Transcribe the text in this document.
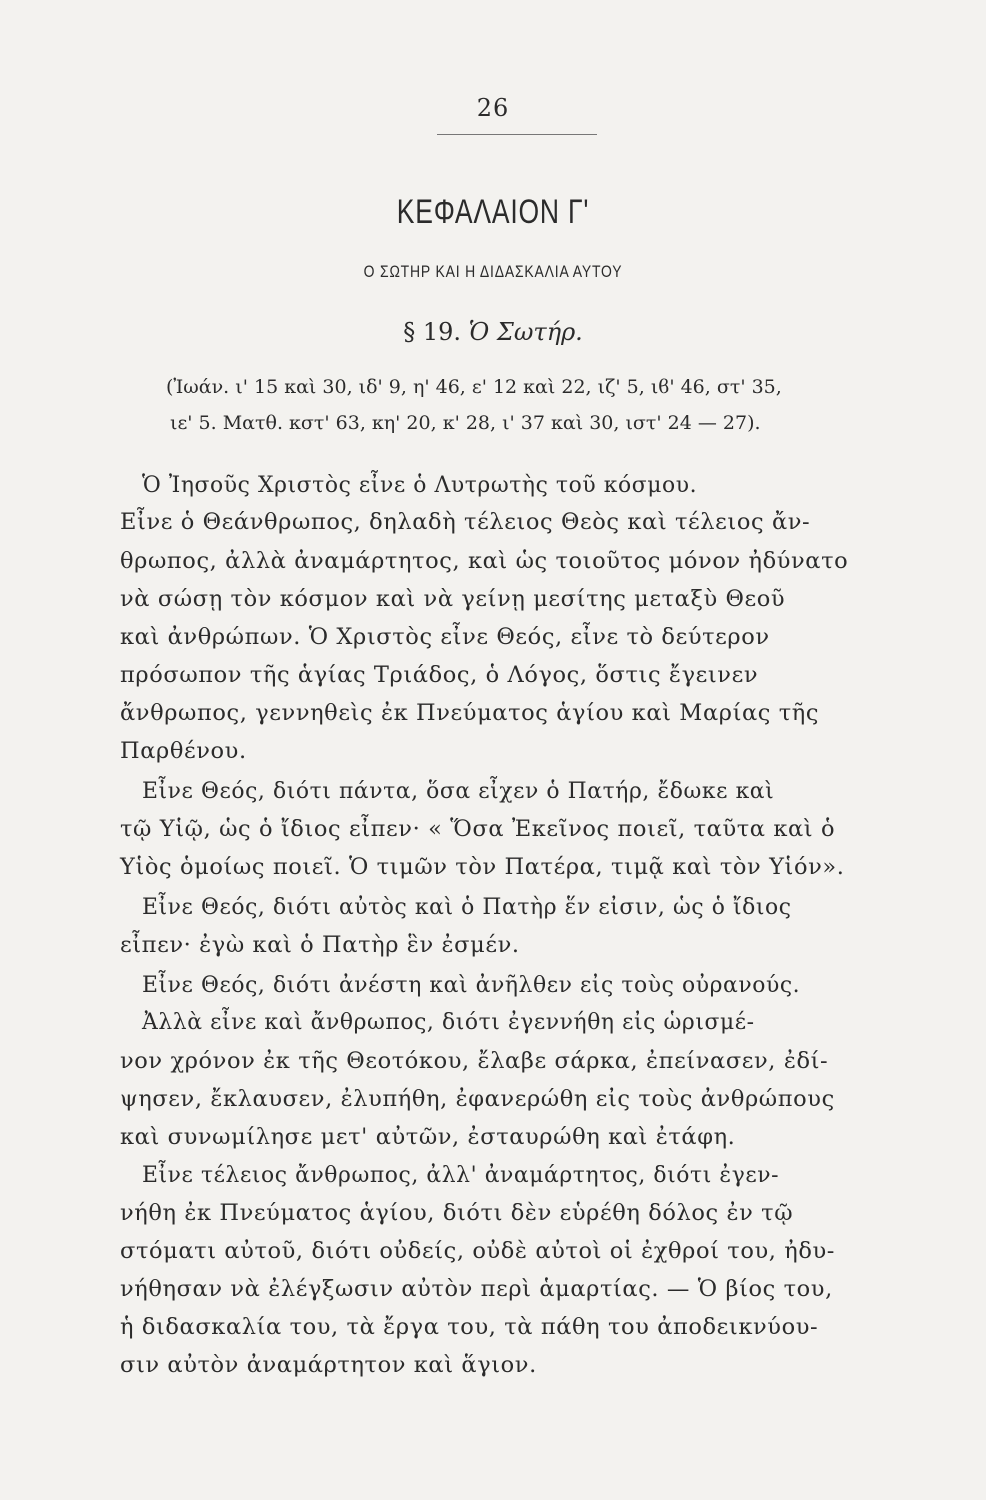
26
ΚΕΦΑΛΑΙΟΝ Γ'
Ο ΣΩΤΗΡ ΚΑΙ Η ΔΙΔΑΣΚΑΛΙΑ ΑΥΤΟΥ
§ 19. Ὁ Σωτήρ.
(Ἰωάν. ι' 15 καὶ 30, ιδ' 9, η' 46, ε' 12 καὶ 22, ιζ' 5, ιϐ' 46, στ' 35,
ιε' 5. Ματθ. κστ' 63, κη' 20, κ' 28, ι' 37 καὶ 30, ιστ' 24 — 27).
Ὁ Ἰησοῦς Χριστὸς εἶνε ὁ Λυτρωτὴς τοῦ κόσμου.
Εἶνε ὁ Θεάνθρωπος, δηλαδὴ τέλειος Θεὸς καὶ τέλειος ἄν-
θρωπος, ἀλλὰ ἀναμάρτητος, καὶ ὡς τοιοῦτος μόνον ἠδύνατο
νὰ σώσῃ τὸν κόσμον καὶ νὰ γείνῃ μεσίτης μεταξὺ Θεοῦ
καὶ ἀνθρώπων. Ὁ Χριστὸς εἶνε Θεός, εἶνε τὸ δεύτερον
πρόσωπον τῆς ἁγίας Τριάδος, ὁ Λόγος, ὅστις ἔγεινεν
ἄνθρωπος, γεννηθεὶς ἐκ Πνεύματος ἁγίου καὶ Μαρίας τῆς
Παρθένου.
Εἶνε Θεός, διότι πάντα, ὅσα εἶχεν ὁ Πατήρ, ἔδωκε καὶ
τῷ Υἱῷ, ὡς ὁ ἴδιος εἶπεν· « Ὅσα Ἐκεῖνος ποιεῖ, ταῦτα καὶ ὁ
Υἱὸς ὁμοίως ποιεῖ. Ὁ τιμῶν τὸν Πατέρα, τιμᾷ καὶ τὸν Υἱόν».
Εἶνε Θεός, διότι αὐτὸς καὶ ὁ Πατὴρ ἕν εἰσιν, ὡς ὁ ἴδιος
εἶπεν· ἐγὼ καὶ ὁ Πατὴρ ἓν ἐσμέν.
Εἶνε Θεός, διότι ἀνέστη καὶ ἀνῆλθεν εἰς τοὺς οὐρανούς.
Ἀλλὰ εἶνε καὶ ἄνθρωπος, διότι ἐγεννήθη εἰς ὡρισμέ-
νον χρόνον ἐκ τῆς Θεοτόκου, ἔλαβε σάρκα, ἐπείνασεν, ἐδί-
ψησεν, ἔκλαυσεν, ἐλυπήθη, ἐφανερώθη εἰς τοὺς ἀνθρώπους
καὶ συνωμίλησε μετ' αὐτῶν, ἐσταυρώθη καὶ ἐτάφη.
Εἶνε τέλειος ἄνθρωπος, ἀλλ' ἀναμάρτητος, διότι ἐγεν-
νήθη ἐκ Πνεύματος ἁγίου, διότι δὲν εὑρέθη δόλος ἐν τῷ
στόματι αὐτοῦ, διότι οὐδείς, οὐδὲ αὐτοὶ οἱ ἐχθροί του, ἠδυ-
νήθησαν νὰ ἐλέγξωσιν αὐτὸν περὶ ἁμαρτίας. — Ὁ βίος του,
ἡ διδασκαλία του, τὰ ἔργα του, τὰ πάθη του ἀποδεικνύου-
σιν αὐτὸν ἀναμάρτητον καὶ ἅγιον.
